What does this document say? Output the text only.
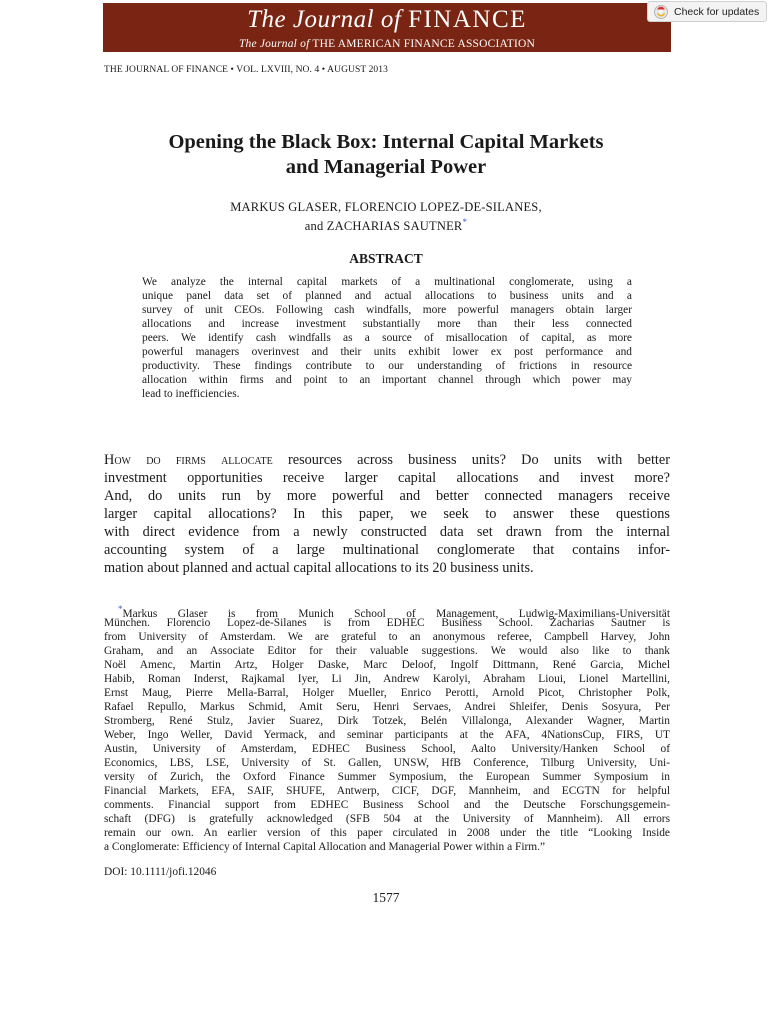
The Journal of FINANCE
The Journal of THE AMERICAN FINANCE ASSOCIATION
Check for updates
THE JOURNAL OF FINANCE • VOL. LXVIII, NO. 4 • AUGUST 2013
Opening the Black Box: Internal Capital Markets
and Managerial Power
MARKUS GLASER, FLORENCIO LOPEZ-DE-SILANES,
and ZACHARIAS SAUTNER*
ABSTRACT
We analyze the internal capital markets of a multinational conglomerate, using a
unique panel data set of planned and actual allocations to business units and a
survey of unit CEOs. Following cash windfalls, more powerful managers obtain larger
allocations and increase investment substantially more than their less connected
peers. We identify cash windfalls as a source of misallocation of capital, as more
powerful managers overinvest and their units exhibit lower ex post performance and
productivity. These findings contribute to our understanding of frictions in resource
allocation within firms and point to an important channel through which power may
lead to inefficiencies.
How do firms allocate resources across business units? Do units with better
investment opportunities receive larger capital allocations and invest more?
And, do units run by more powerful and better connected managers receive
larger capital allocations? In this paper, we seek to answer these questions
with direct evidence from a newly constructed data set drawn from the internal
accounting system of a large multinational conglomerate that contains infor-
mation about planned and actual capital allocations to its 20 business units.
*Markus Glaser is from Munich School of Management, Ludwig-Maximilians-Universität
München. Florencio Lopez-de-Silanes is from EDHEC Business School. Zacharias Sautner is
from University of Amsterdam. We are grateful to an anonymous referee, Campbell Harvey, John
Graham, and an Associate Editor for their valuable suggestions. We would also like to thank
Noël Amenc, Martin Artz, Holger Daske, Marc Deloof, Ingolf Dittmann, René Garcia, Michel
Habib, Roman Inderst, Rajkamal Iyer, Li Jin, Andrew Karolyi, Abraham Lioui, Lionel Martellini,
Ernst Maug, Pierre Mella-Barral, Holger Mueller, Enrico Perotti, Arnold Picot, Christopher Polk,
Rafael Repullo, Markus Schmid, Amit Seru, Henri Servaes, Andrei Shleifer, Denis Sosyura, Per
Stromberg, René Stulz, Javier Suarez, Dirk Totzek, Belén Villalonga, Alexander Wagner, Martin
Weber, Ingo Weller, David Yermack, and seminar participants at the AFA, 4NationsCup, FIRS, UT
Austin, University of Amsterdam, EDHEC Business School, Aalto University/Hanken School of
Economics, LBS, LSE, University of St. Gallen, UNSW, HfB Conference, Tilburg University, Uni-
versity of Zurich, the Oxford Finance Summer Symposium, the European Summer Symposium in
Financial Markets, EFA, SAIF, SHUFE, Antwerp, CICF, DGF, Mannheim, and ECGTN for helpful
comments. Financial support from EDHEC Business School and the Deutsche Forschungsgemein-
schaft (DFG) is gratefully acknowledged (SFB 504 at the University of Mannheim). All errors
remain our own. An earlier version of this paper circulated in 2008 under the title “Looking Inside
a Conglomerate: Efficiency of Internal Capital Allocation and Managerial Power within a Firm.”
DOI: 10.1111/jofi.12046
1577
